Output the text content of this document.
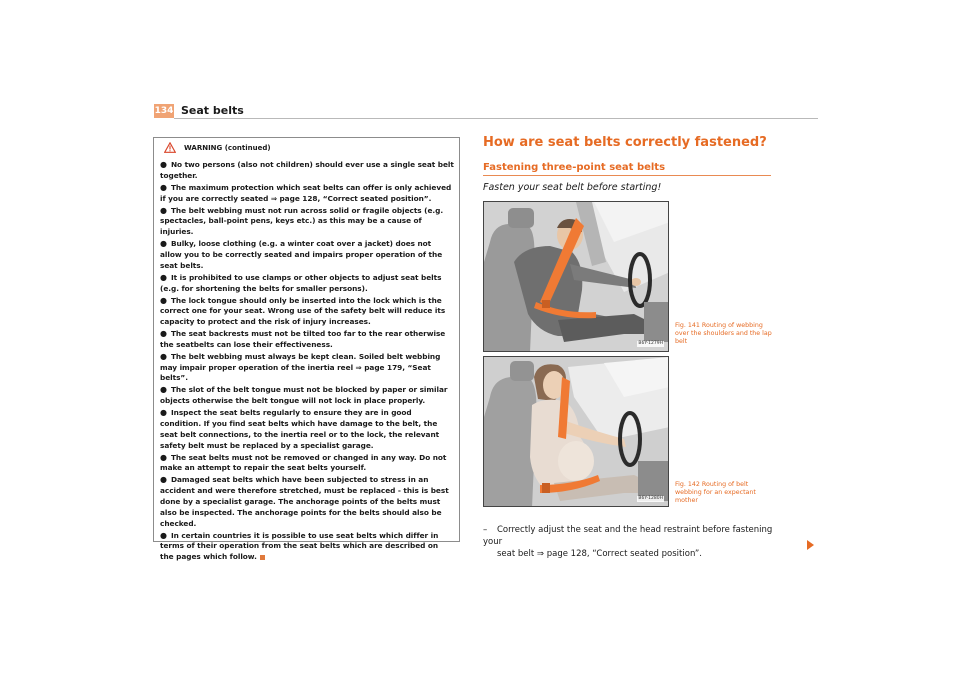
134 Seat belts
WARNING (continued)
● No two persons (also not children) should ever use a single seat belt together.
● The maximum protection which seat belts can offer is only achieved if you are correctly seated ⇒ page 128, “Correct seated position”.
● The belt webbing must not run across solid or fragile objects (e.g. spectacles, ball-point pens, keys etc.) as this may be a cause of injuries.
● Bulky, loose clothing (e.g. a winter coat over a jacket) does not allow you to be correctly seated and impairs proper operation of the seat belts.
● It is prohibited to use clamps or other objects to adjust seat belts (e.g. for shortening the belts for smaller persons).
● The lock tongue should only be inserted into the lock which is the correct one for your seat. Wrong use of the safety belt will reduce its capacity to protect and the risk of injury increases.
● The seat backrests must not be tilted too far to the rear otherwise the seatbelts can lose their effectiveness.
● The belt webbing must always be kept clean. Soiled belt webbing may impair proper operation of the inertia reel ⇒ page 179, “Seat belts”.
● The slot of the belt tongue must not be blocked by paper or similar objects otherwise the belt tongue will not lock in place properly.
● Inspect the seat belts regularly to ensure they are in good condition. If you find seat belts which have damage to the belt, the seat belt connections, to the inertia reel or to the lock, the relevant safety belt must be replaced by a specialist garage.
● The seat belts must not be removed or changed in any way. Do not make an attempt to repair the seat belts yourself.
● Damaged seat belts which have been subjected to stress in an accident and were therefore stretched, must be replaced - this is best done by a specialist garage. The anchorage points of the belts must also be inspected. The anchorage points for the belts should also be checked.
● In certain countries it is possible to use seat belts which differ in terms of their operation from the seat belts which are described on the pages which follow.
How are seat belts correctly fastened?
Fastening three-point seat belts
Fasten your seat belt before starting!
B6Y-1279H
Fig. 141 Routing of webbing over the shoulders and the lap belt
B6Y-1280H
Fig. 142 Routing of belt webbing for an expectant mother
– Correctly adjust the seat and the head restraint before fastening your
seat belt ⇒ page 128, “Correct seated position”.
